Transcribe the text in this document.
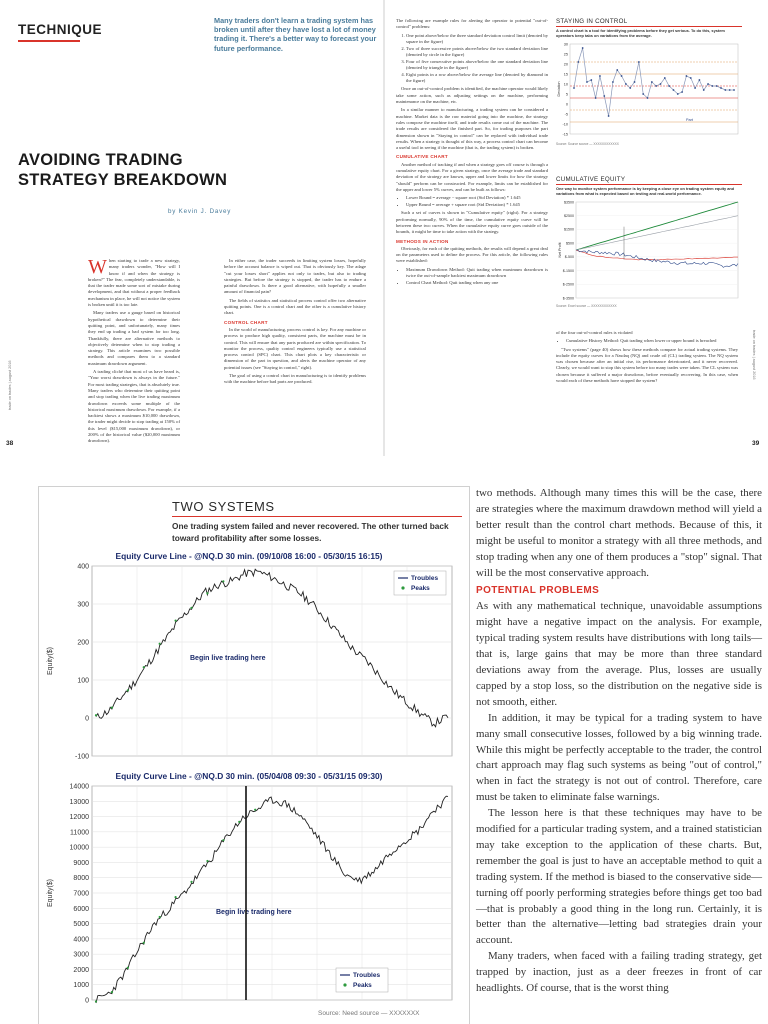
TECHNIQUE
Many traders don't learn a trading system has broken until after they have lost a lot of money trading it. There's a better way to forecast your future performance.
AVOIDING TRADING STRATEGY BREAKDOWN
by Kevin J. Davey

When starting to trade a new strategy, many traders wonder, "How will I know if and when the strategy is broken?" The fear, completely understandable, is that the trader made some sort of mistake during development, and that without a proper feedback mechanism in place, he will not notice the system is broken until it is too late.

Many traders use a gauge based on historical hypothetical drawdown to determine their quitting point, and unfortunately, many times they end up trading a bad system for too long. Thankfully, there are alternative methods to objectively determine when to stop trading a strategy. This article examines two possible methods and compares them to a standard maximum drawdown argument.

A trading cliché that most of us have heard is, "Your worst drawdown is always in the future." For most trading strategies, that is absolutely true. Many traders who determine their quitting point and stop trading when the live trading maximum drawdown exceeds some multiple of the historical maximum drawdown. For example, if a backtest shows a maximum $10,000 drawdown, the trader might decide to stop trading at 150% of this level ($15,000 maximum drawdown), or 200% of the historical value ($20,000 maximum drawdown).

In either case, the trader succeeds in limiting system losses, hopefully before the account balance is wiped out. That is obviously key. The adage "cut your losses short" applies not only to trades, but also to trading strategies. But before the strategy is stopped, the trader has to endure a painful drawdown. Is there a good alternative, with hopefully a smaller amount of financial pain?

The fields of statistics and statistical process control offer two alternative quitting points. One is a control chart and the other is a cumulative history chart.

CONTROL CHART

In the world of manufacturing, process control is key. For any machine or process to produce high quality, consistent parts, the machine must be in control. This will ensure that any parts produced are within specification. To monitor the process, quality control engineers typically use a statistical process control (SPC) chart. This chart plots a key characteristic or dimension of the part in question, and alerts the machine operator of any potential issues (see "Staying in control," right).

The goal of using a control chart in manufacturing is to identify problems with the machine before bad parts are produced.

The following are example rules for alerting the operator to potential "out-of-control" problems:

1. One point above/below the three standard deviation control limit (denoted by square in the figure)
2. Two of three successive points above/below the two standard deviation line (denoted by circle in the figure)
3. Four of five consecutive points above/below the one standard deviation line (denoted by triangle in the figure)
4. Eight points in a row above/below the average line (denoted by diamond in the figure)

Once an out-of-control problem is identified, the machine operator would likely take some action, such as adjusting settings on the machine, performing maintenance on the machine, etc.

In a similar manner to manufacturing, a trading system can be considered a machine. Market data is the raw material going into the machine, the strategy rules compose the machine itself, and trade results come out of the machine. The trade results are considered the finished part. So, for trading purposes the part dimension shown in "Staying in control" can be replaced with individual trade results. When a strategy is thought of this way, a process control chart can become a useful tool in seeing if the machine (that is, the trading system) is broken.

CUMULATIVE CHART

Another method of tracking if and when a strategy goes off course is through a cumulative equity chart. For a given strategy, once the average trade and standard deviation of the strategy are known, upper and lower limits for how the strategy "should" perform can be constructed. For example, limits can be established for the upper and lower 5% curves, and can be built as follows:

• Lower Bound = average − square root (Std Deviation) * 1.645
• Upper Bound = average + square root (Std Deviation) * 1.645

Such a set of curves is shown in "Cumulative equity" (right). For a strategy performing normally, 90% of the time, the cumulative equity curve will be between these two curves. When the cumulative equity curve goes outside of the bounds, it might be time to take action with the strategy.

METHODS IN ACTION

Obviously, for each of the quitting methods, the results will depend a great deal on the parameters used to define the process. For this article, the following rules were established:

• Maximum Drawdown Method: Quit trading when maximum drawdown is twice the out-of-sample backtest maximum drawdown
• Control Chart Method: Quit trading when any one

of the four out-of-control rules is violated

• Cumulative History Method: Quit trading when lower or upper bound is breached

"Two systems" (page 40) shows how these methods compare for actual trading systems. They include the equity curves for a Nasdaq (NQ) and crude oil (CL) trading system. The NQ system was chosen because after an initial rise, its performance deteriorated, and it never recovered. Clearly, we would want to stop this system before too many trades were taken. The CL system was chosen because it suffered a major drawdown, before eventually recovering. In this case, when would each of these methods have stopped the system?

STAYING IN CONTROL
A control chart is a tool for identifying problems before they get serious. To do this, system operators keep tabs on variations from the average.
-15
-10
-5
0
5
10
15
20
25
30
Deviation
Part
Source: Source source — XXXXXXXXXXXX
CUMULATIVE EQUITY
One way to monitor system performance is by keeping a close eye on trading system equity and variations from what is expected based on testing and real-world performance.
$-3500
$-2500
$-1500
$-500
$500
$1500
$2500
$3500
Net Profit
Source: Excel source — XXXXXXXXXXXX
trade on trades | august 2016
trade on trades | august 2016
38	39
TWO SYSTEMS
One trading system failed and never recovered. The other turned back toward profitability after some losses.
Equity Curve Line - @NQ.D 30 min. (09/10/08 16:00 - 05/30/15 16:15)
-100
0
100
200
300
400
Equity($)	Begin live trading here
Troubles
Peaks
Equity Curve Line - @NQ.D 30 min. (05/04/08 09:30 - 05/31/15 09:30)
0
1000
2000
3000
4000
5000
6000
7000
8000
9000
10000
11000
12000
13000
14000
Equity($)
Begin live trading here
Troubles
Peaks
Source: Need source — XXXXXXX

two methods. Although many times this will be the case, there are strategies where the maximum drawdown method will yield a better result than the control chart methods. Because of this, it might be useful to monitor a strategy with all three methods, and stop trading when any one of them produces a "stop" signal. That will be the most conservative approach.

POTENTIAL PROBLEMS

As with any mathematical technique, unavoidable assumptions might have a negative impact on the analysis. For example, typical trading system results have distributions with long tails—that is, large gains that may be more than three standard deviations away from the average. Plus, losses are usually capped by a stop loss, so the distribution on the negative side is not smooth, either.

In addition, it may be typical for a trading system to have many small consecutive losses, followed by a big winning trade. While this might be perfectly acceptable to the trader, the control chart approach may flag such systems as being "out of control," when in fact the strategy is not out of control. Therefore, care must be taken to eliminate false warnings.

The lesson here is that these techniques may have to be modified for a particular trading system, and a trained statistician may take exception to the application of these charts. But, remember the goal is just to have an acceptable method to quit a trading system. If the method is biased to the conservative side—turning off poorly performing strategies before things get too bad—that is probably a good thing in the long run. Certainly, it is better than the alternative—letting bad strategies drain your account.

Many traders, when faced with a failing trading strategy, get trapped by inaction, just as a deer freezes in front of car headlights. Of course, that is the worst thing
